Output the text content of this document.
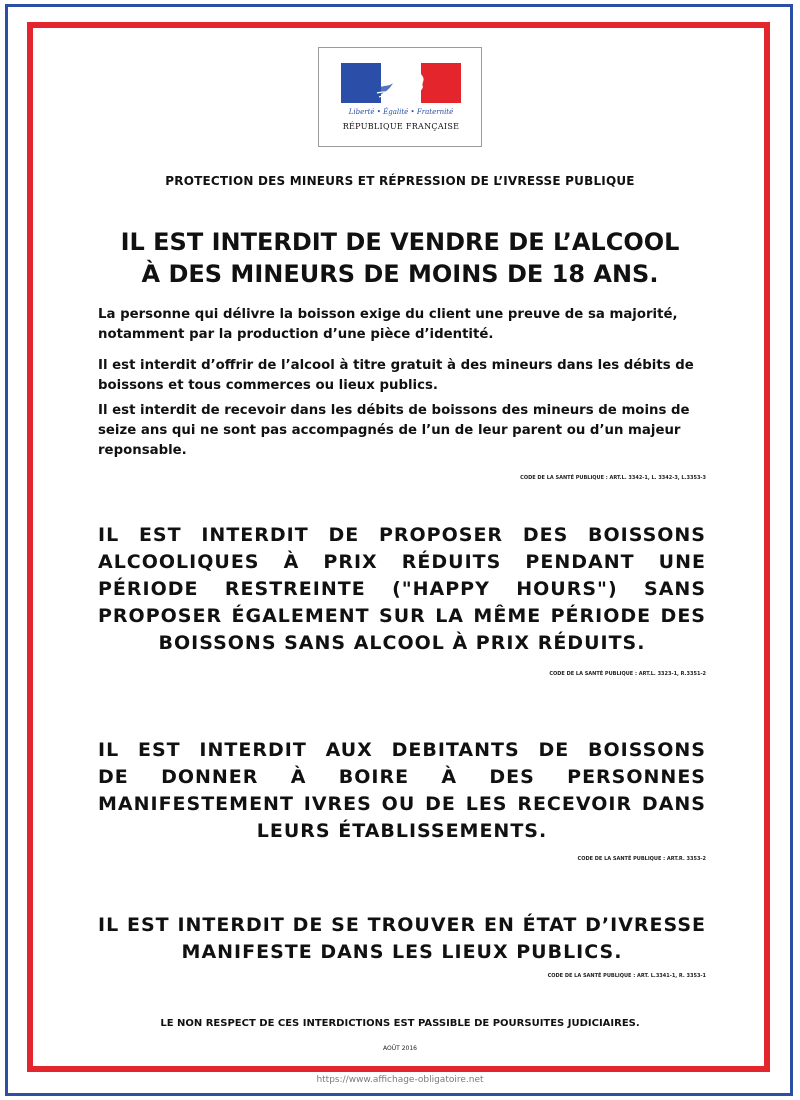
Liberté • Égalité • Fraternité
RÉPUBLIQUE FRANÇAISE
PROTECTION DES MINEURS ET RÉPRESSION DE L’IVRESSE PUBLIQUE
IL EST INTERDIT DE VENDRE DE L’ALCOOL
À DES MINEURS DE MOINS DE 18 ANS.

La personne qui délivre la boisson exige du client une preuve de sa majorité, notamment par la production d’une pièce d’identité.

Il est interdit d’offrir de l’alcool à titre gratuit à des mineurs dans les débits de boissons et tous commerces ou lieux publics.

Il est interdit de recevoir dans les débits de boissons des mineurs de moins de seize ans qui ne sont pas accompagnés de l’un de leur parent ou d’un majeur reponsable.

CODE DE LA SANTÉ PUBLIQUE : ART.L. 3342-1, L. 3342-3, L.3353-3
IL EST INTERDIT DE PROPOSER DES BOISSONS
ALCOOLIQUES À PRIX RÉDUITS PENDANT UNE
PÉRIODE RESTREINTE ("HAPPY HOURS") SANS
PROPOSER ÉGALEMENT SUR LA MÊME PÉRIODE DES
BOISSONS SANS ALCOOL À PRIX RÉDUITS.
CODE DE LA SANTÉ PUBLIQUE : ART.L. 3323-1, R.3351-2
IL EST INTERDIT AUX DEBITANTS DE BOISSONS
DE DONNER À BOIRE À DES PERSONNES
MANIFESTEMENT IVRES OU DE LES RECEVOIR DANS
LEURS ÉTABLISSEMENTS.
CODE DE LA SANTÉ PUBLIQUE : ART.R. 3353-2
IL EST INTERDIT DE SE TROUVER EN ÉTAT D’IVRESSE
MANIFESTE DANS LES LIEUX PUBLICS.
CODE DE LA SANTÉ PUBLIQUE : ART. L.3341-1, R. 3353-1
LE NON RESPECT DE CES INTERDICTIONS EST PASSIBLE DE POURSUITES JUDICIAIRES.
AOÛT 2016
https://www.affichage-obligatoire.net
